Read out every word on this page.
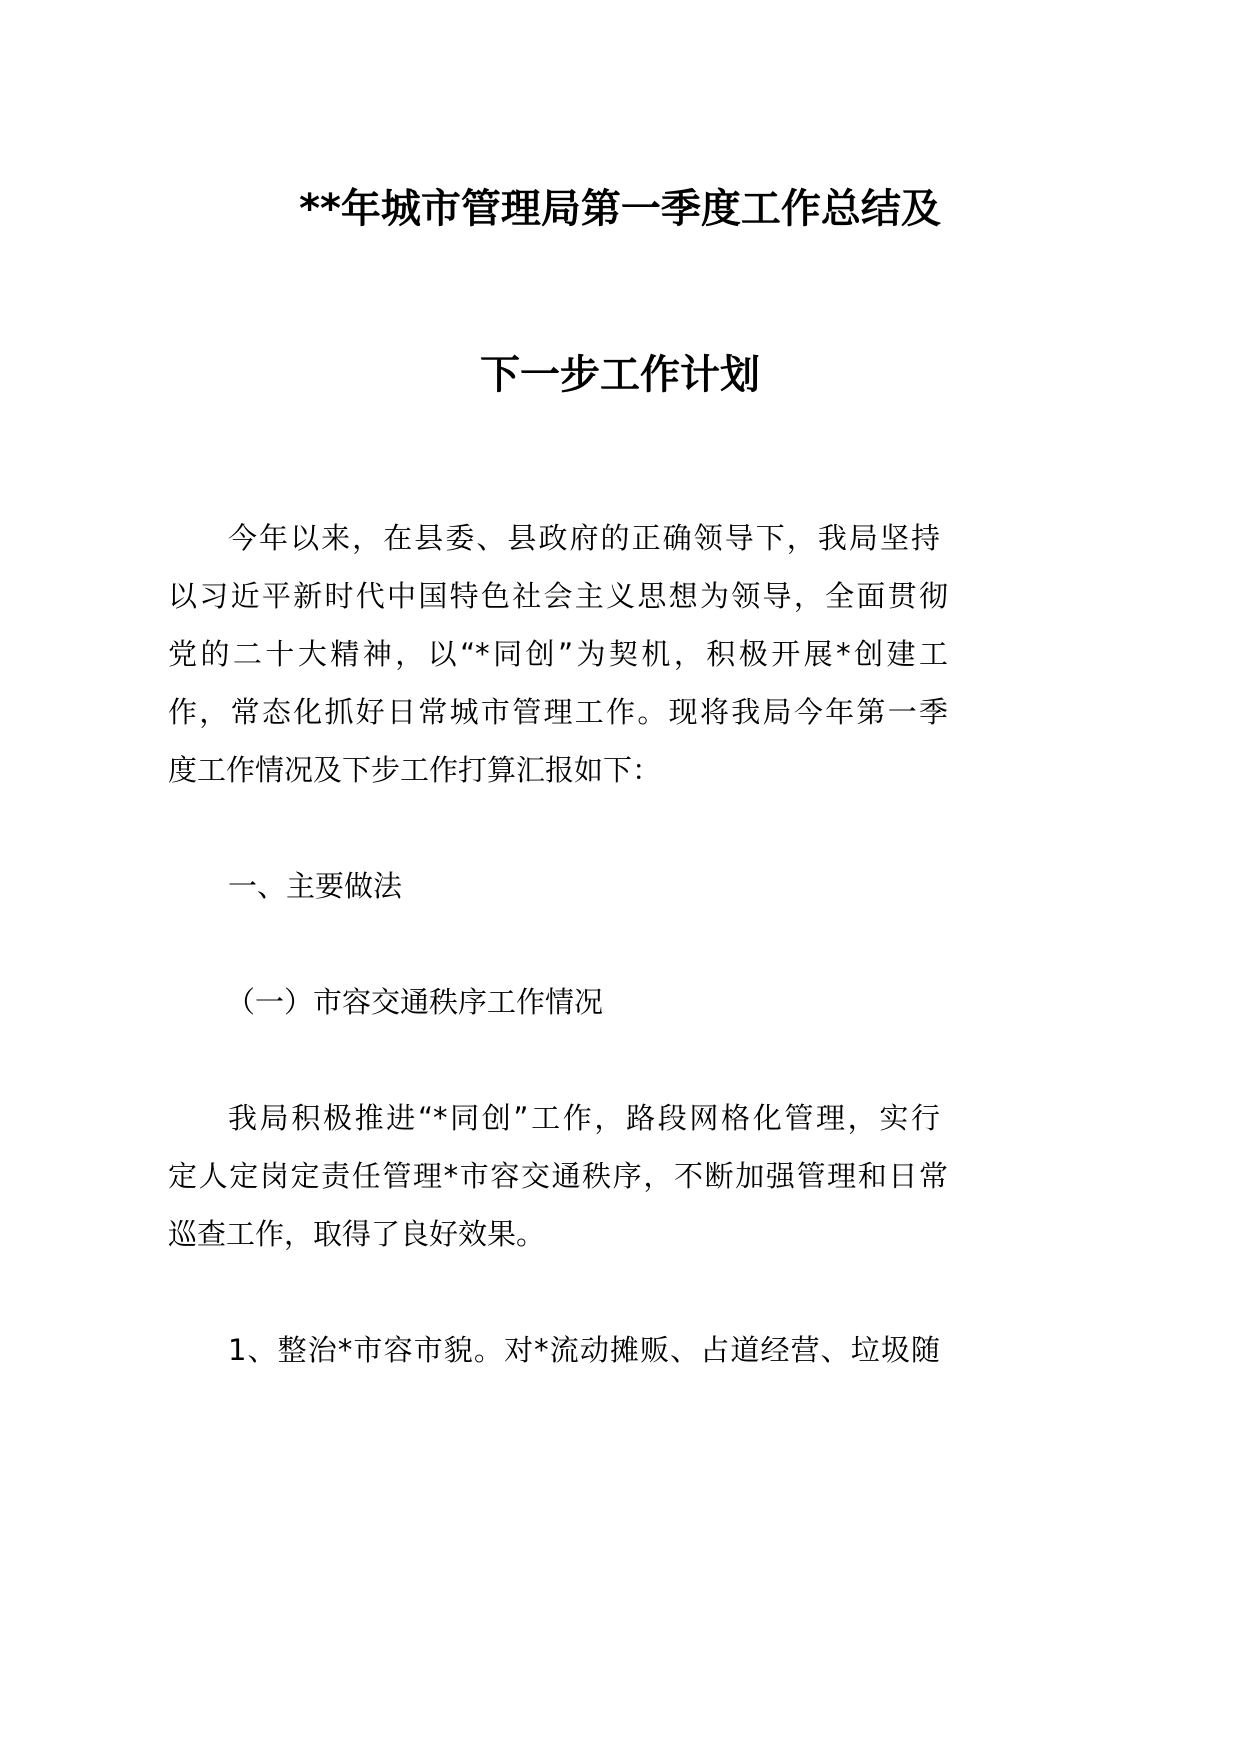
**年城市管理局第一季度工作总结及
下一步工作计划
今年以来，在县委、县政府的正确领导下，我局坚持
以习近平新时代中国特色社会主义思想为领导，全面贯彻
党的二十大精神，以“*同创”为契机，积极开展*创建工
作，常态化抓好日常城市管理工作。现将我局今年第一季
度工作情况及下步工作打算汇报如下：
一、主要做法
（一）市容交通秩序工作情况
我局积极推进“*同创”工作，路段网格化管理，实行
定人定岗定责任管理*市容交通秩序，不断加强管理和日常
巡查工作，取得了良好效果。
1、整治*市容市貌。对*流动摊贩、占道经营、垃圾随
